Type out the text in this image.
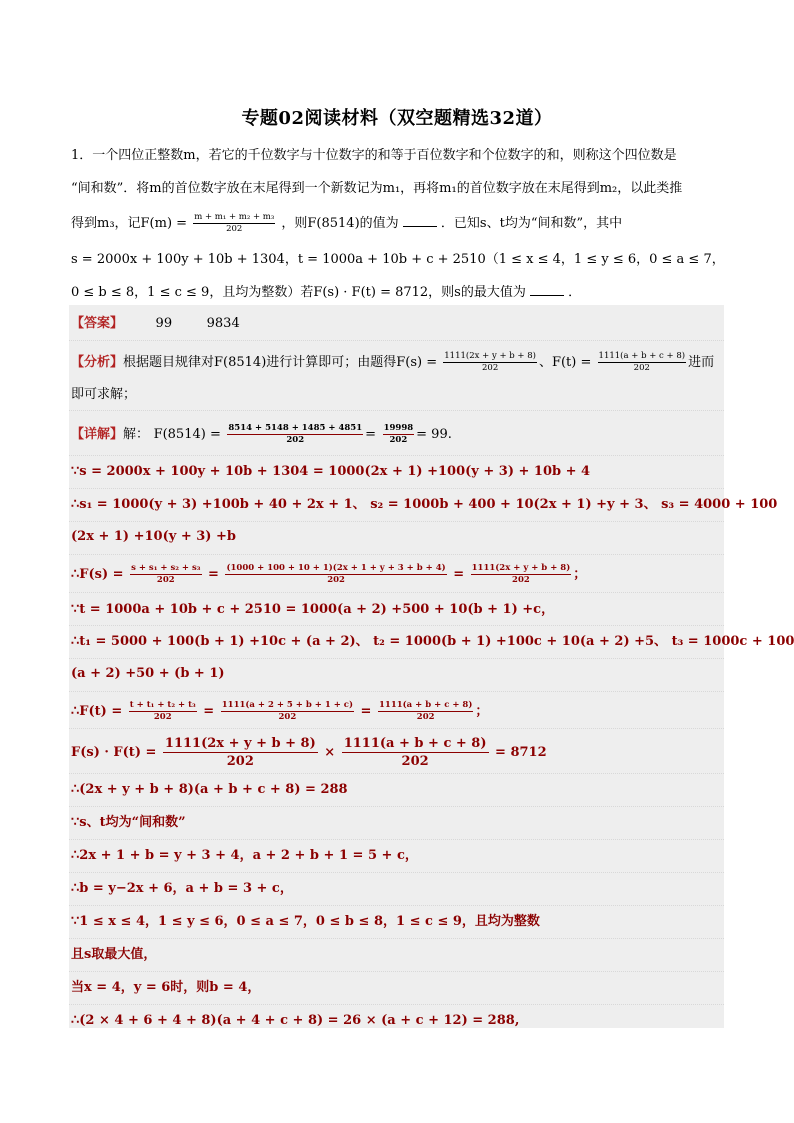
专题02阅读材料（双空题精选32道）
1．一个四位正整数m，若它的千位数字与十位数字的和等于百位数字和个位数字的和，则称这个四位数是
“间和数”．将m的首位数字放在末尾得到一个新数记为m₁，再将m₁的首位数字放在末尾得到m₂，以此类推
得到m₃，记$F(m) = \frac{\text{m + m₁ + m₂ + m₃}}{202}$ ，则F(8514)的值为	．已知s、t均为“间和数”，其中
s = 2000x + 100y + 10b + 1304，t = 1000a + 10b + c + 2510（1 ≤ x ≤ 4，1 ≤ y ≤ 6，0 ≤ a ≤ 7，
0 ≤ b ≤ 8，1 ≤ c ≤ 9，且均为整数）若F(s) · F(t) = 8712，则s的最大值为	．
【答案】	99	9834
【分析】根据题目规律对F(8514)进行计算即可；由题得$F(s) = \frac{1111(2x + y + b + 8)}{202}$ 、$F(t) = \frac{1111(a + b + c + 8)}{202}$ 进而
即可求解；
【详解】解： $F(8514) = \frac{8514 + 5148 + 1485 + 4851}{202} = \frac{19998}{202} = 99$.
∵s = 2000x + 100y + 10b + 1304 = 1000(2x + 1) +100(y + 3) + 10b + 4
∴s₁ = 1000(y + 3) +100b + 40 + 2x + 1、 s₂ = 1000b + 400 + 10(2x + 1) +y + 3、 s₃ = 4000 + 100
(2x + 1) +10(y + 3) +b
∴F(s) = $\frac{\text{s + s₁ + s₂ + s₃}}{202} = \frac{(1000 + 100 + 10 + 1)(2x + 1 + y + 3 + b + 4)}{202} = \frac{1111(2x + y + b + 8)}{202}$ ；
∵t = 1000a + 10b + c + 2510 = 1000(a + 2) +500 + 10(b + 1) +c，
∴t₁ = 5000 + 100(b + 1) +10c + (a + 2)、 t₂ = 1000(b + 1) +100c + 10(a + 2) +5、 t₃ = 1000c + 100
(a + 2) +50 + (b + 1)
∴F(t) = $\frac{\text{t + t₁ + t₂ + t₃}}{202} = \frac{1111(a + 2 + 5 + b + 1 + c)}{202} = \frac{1111(a + b + c + 8)}{202}$ ；
$F(s) \cdot F(t) = \frac{1111(2x + y + b + 8)}{202} \times \frac{1111(a + b + c + 8)}{202} = 8712$
∴(2x + y + b + 8)(a + b + c + 8) = 288
∵s、t均为“间和数”
∴2x + 1 + b = y + 3 + 4，a + 2 + b + 1 = 5 + c，
∴b = y−2x + 6，a + b = 3 + c，
∵1 ≤ x ≤ 4，1 ≤ y ≤ 6，0 ≤ a ≤ 7，0 ≤ b ≤ 8，1 ≤ c ≤ 9，且均为整数
且s取最大值，
当x = 4，y = 6时，则b = 4，
∴(2 × 4 + 6 + 4 + 8)(a + 4 + c + 8) = 26 × (a + c + 12) = 288,
